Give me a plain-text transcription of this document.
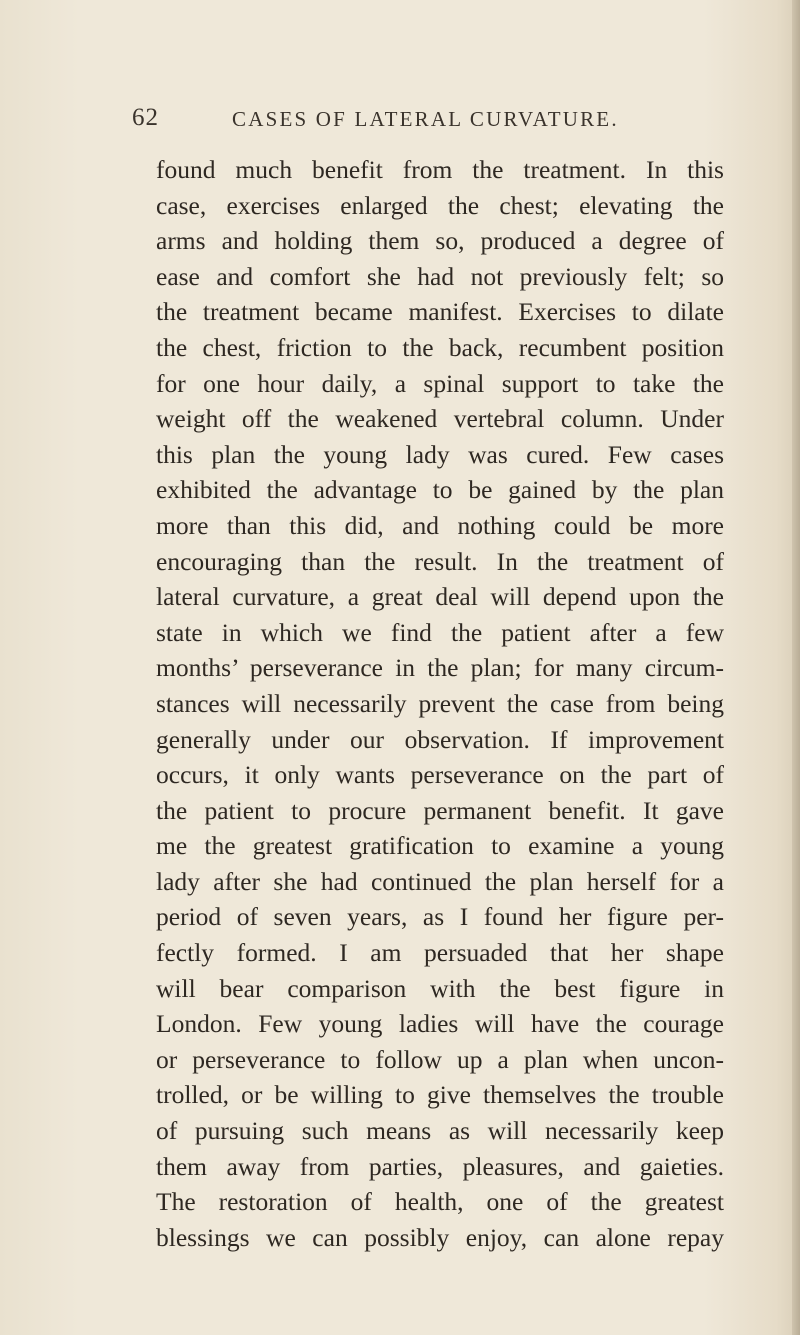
62	CASES OF LATERAL CURVATURE.
found much benefit from the treatment. In this
case, exercises enlarged the chest; elevating the
arms and holding them so, produced a degree of
ease and comfort she had not previously felt; so
the treatment became manifest. Exercises to dilate
the chest, friction to the back, recumbent position
for one hour daily, a spinal support to take the
weight off the weakened vertebral column. Under
this plan the young lady was cured. Few cases
exhibited the advantage to be gained by the plan
more than this did, and nothing could be more
encouraging than the result. In the treatment of
lateral curvature, a great deal will depend upon the
state in which we find the patient after a few
months’ perseverance in the plan; for many circum-
stances will necessarily prevent the case from being
generally under our observation. If improvement
occurs, it only wants perseverance on the part of
the patient to procure permanent benefit. It gave
me the greatest gratification to examine a young
lady after she had continued the plan herself for a
period of seven years, as I found her figure per-
fectly formed. I am persuaded that her shape
will bear comparison with the best figure in
London. Few young ladies will have the courage
or perseverance to follow up a plan when uncon-
trolled, or be willing to give themselves the trouble
of pursuing such means as will necessarily keep
them away from parties, pleasures, and gaieties.
The restoration of health, one of the greatest
blessings we can possibly enjoy, can alone repay
